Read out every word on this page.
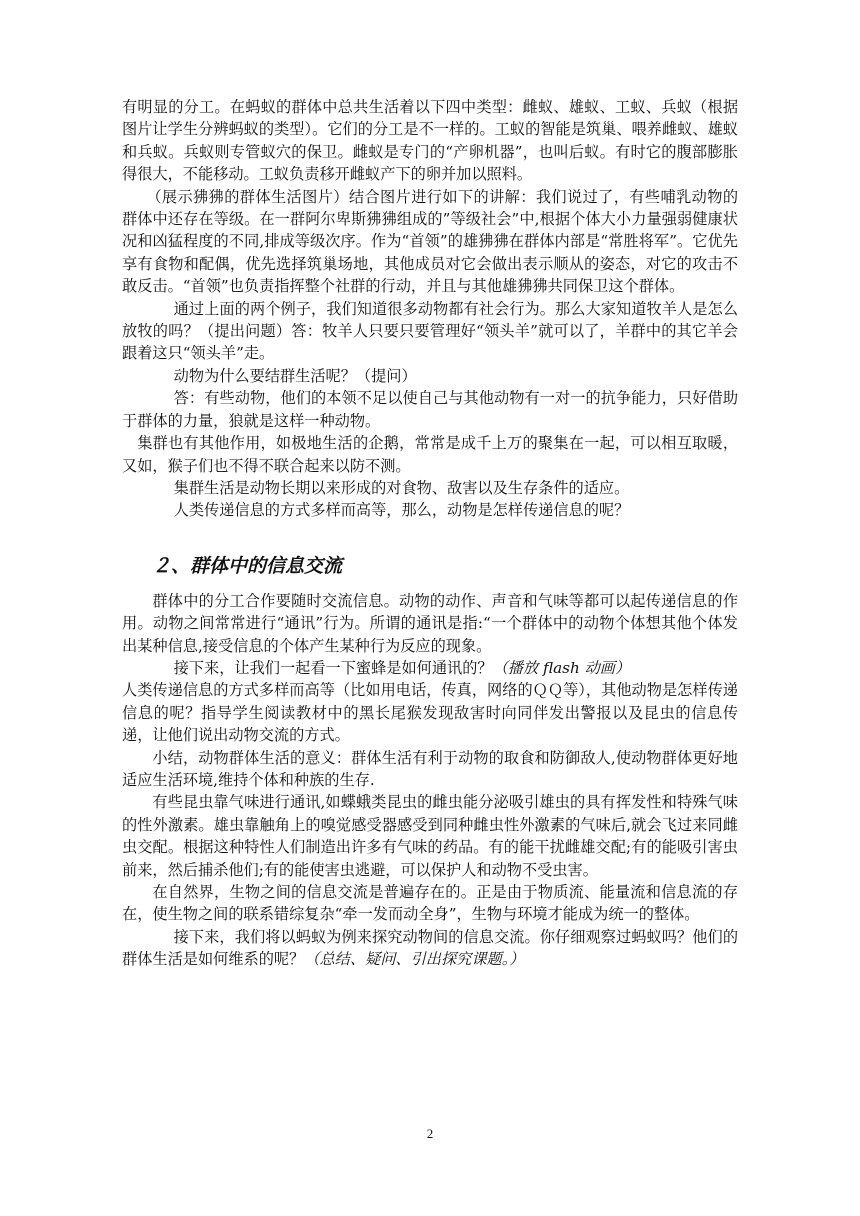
有明显的分工。在蚂蚁的群体中总共生活着以下四中类型：雌蚁、雄蚁、工蚁、兵蚁（根据图片让学生分辨蚂蚁的类型）。它们的分工是不一样的。工蚁的智能是筑巢、喂养雌蚁、雄蚁和兵蚁。兵蚁则专管蚁穴的保卫。雌蚁是专门的“产卵机器”，也叫后蚁。有时它的腹部膨胀得很大，不能移动。工蚁负责移开雌蚁产下的卵并加以照料。

（展示狒狒的群体生活图片）结合图片进行如下的讲解：我们说过了，有些哺乳动物的群体中还存在等级。在一群阿尔卑斯狒狒组成的”等级社会”中,根据个体大小力量强弱健康状况和凶猛程度的不同,排成等级次序。作为“首领”的雄狒狒在群体内部是“常胜将军”。它优先享有食物和配偶，优先选择筑巢场地，其他成员对它会做出表示顺从的姿态，对它的攻击不敢反击。“首领”也负责指挥整个社群的行动，并且与其他雄狒狒共同保卫这个群体。

通过上面的两个例子，我们知道很多动物都有社会行为。那么大家知道牧羊人是怎么放牧的吗？（提出问题）答：牧羊人只要只要管理好“领头羊”就可以了，羊群中的其它羊会跟着这只“领头羊”走。

动物为什么要结群生活呢？（提问）

答：有些动物，他们的本领不足以使自己与其他动物有一对一的抗争能力，只好借助于群体的力量，狼就是这样一种动物。

集群也有其他作用，如极地生活的企鹅，常常是成千上万的聚集在一起，可以相互取暖，又如，猴子们也不得不联合起来以防不测。

集群生活是动物长期以来形成的对食物、敌害以及生存条件的适应。

人类传递信息的方式多样而高等，那么，动物是怎样传递信息的呢？

２、群体中的信息交流

群体中的分工合作要随时交流信息。动物的动作、声音和气味等都可以起传递信息的作用。动物之间常常进行“通讯”行为。所谓的通讯是指:“一个群体中的动物个体想其他个体发出某种信息,接受信息的个体产生某种行为反应的现象。

接下来，让我们一起看一下蜜蜂是如何通讯的？（播放 flash 动画）

人类传递信息的方式多样而高等（比如用电话，传真，网络的ＱＱ等），其他动物是怎样传递信息的呢？指导学生阅读教材中的黑长尾猴发现敌害时向同伴发出警报以及昆虫的信息传递，让他们说出动物交流的方式。

小结，动物群体生活的意义：群体生活有利于动物的取食和防御敌人,使动物群体更好地适应生活环境,维持个体和种族的生存.

有些昆虫靠气味进行通讯,如蝶蛾类昆虫的雌虫能分泌吸引雄虫的具有挥发性和特殊气味的性外激素。雄虫靠触角上的嗅觉感受器感受到同种雌虫性外激素的气味后,就会飞过来同雌虫交配。根据这种特性人们制造出许多有气味的药品。有的能干扰雌雄交配;有的能吸引害虫前来，然后捕杀他们;有的能使害虫逃避，可以保护人和动物不受虫害。

在自然界，生物之间的信息交流是普遍存在的。正是由于物质流、能量流和信息流的存在，使生物之间的联系错综复杂“牵一发而动全身”，生物与环境才能成为统一的整体。

接下来，我们将以蚂蚁为例来探究动物间的信息交流。你仔细观察过蚂蚁吗？他们的群体生活是如何维系的呢？（总结、疑问、引出探究课题。）

2
